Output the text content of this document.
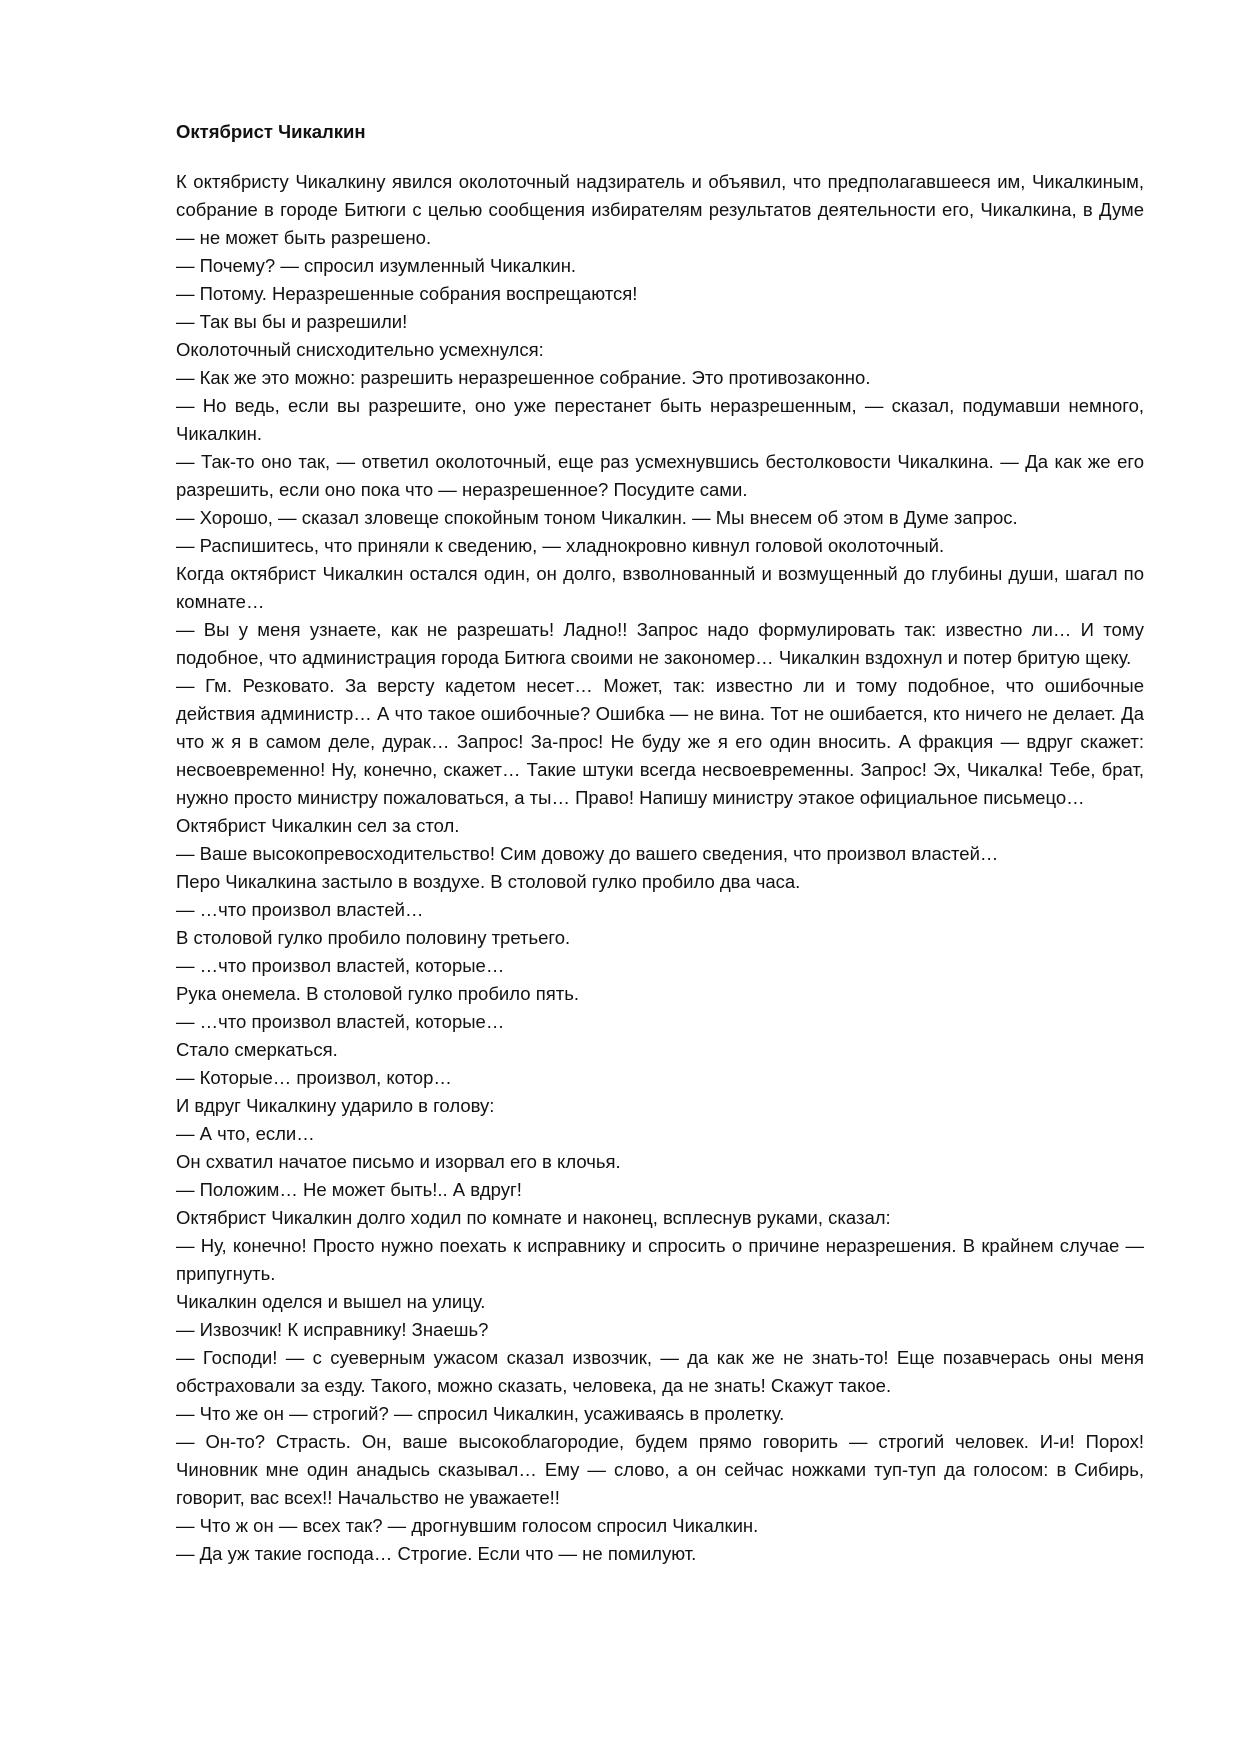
Октябрист Чикалкин

К октябристу Чикалкину явился околоточный надзиратель и объявил, что предполагавшееся им, Чикалкиным, собрание в городе Битюги с целью сообщения избирателям результатов деятельности его, Чикалкина, в Думе — не может быть разрешено.

— Почему? — спросил изумленный Чикалкин.

— Потому. Неразрешенные собрания воспрещаются!

— Так вы бы и разрешили!

Околоточный снисходительно усмехнулся:

— Как же это можно: разрешить неразрешенное собрание. Это противозаконно.

— Но ведь, если вы разрешите, оно уже перестанет быть неразрешенным, — сказал, подумавши немного, Чикалкин.

— Так-то оно так, — ответил околоточный, еще раз усмехнувшись бестолковости Чикалкина. — Да как же его разрешить, если оно пока что — неразрешенное? Посудите сами.

— Хорошо, — сказал зловеще спокойным тоном Чикалкин. — Мы внесем об этом в Думе запрос.

— Распишитесь, что приняли к сведению, — хладнокровно кивнул головой околоточный.

Когда октябрист Чикалкин остался один, он долго, взволнованный и возмущенный до глубины души, шагал по комнате…

— Вы у меня узнаете, как не разрешать! Ладно!! Запрос надо формулировать так: известно ли… И тому подобное, что администрация города Битюга своими не закономер… Чикалкин вздохнул и потер бритую щеку.

— Гм. Резковато. За версту кадетом несет… Может, так: известно ли и тому подобное, что ошибочные действия администр… А что такое ошибочные? Ошибка — не вина. Тот не ошибается, кто ничего не делает. Да что ж я в самом деле, дурак… Запрос! За-прос! Не буду же я его один вносить. А фракция — вдруг скажет: несвоевременно! Ну, конечно, скажет… Такие штуки всегда несвоевременны. Запрос! Эх, Чикалка! Тебе, брат, нужно просто министру пожаловаться, а ты… Право! Напишу министру этакое официальное письмецо…

Октябрист Чикалкин сел за стол.

— Ваше высокопревосходительство! Сим довожу до вашего сведения, что произвол властей…

Перо Чикалкина застыло в воздухе. В столовой гулко пробило два часа.

— …что произвол властей…

В столовой гулко пробило половину третьего.

— …что произвол властей, которые…

Рука онемела. В столовой гулко пробило пять.

— …что произвол властей, которые…

Стало смеркаться.

— Которые… произвол, котор…

И вдруг Чикалкину ударило в голову:

— А что, если…

Он схватил начатое письмо и изорвал его в клочья.

— Положим… Не может быть!.. А вдруг!

Октябрист Чикалкин долго ходил по комнате и наконец, всплеснув руками, сказал:

— Ну, конечно! Просто нужно поехать к исправнику и спросить о причине неразрешения. В крайнем случае — припугнуть.

Чикалкин оделся и вышел на улицу.

— Извозчик! К исправнику! Знаешь?

— Господи! — с суеверным ужасом сказал извозчик, — да как же не знать-то! Еще позавчерась оны меня обстраховали за езду. Такого, можно сказать, человека, да не знать! Скажут такое.

— Что же он — строгий? — спросил Чикалкин, усаживаясь в пролетку.

— Он-то? Страсть. Он, ваше высокоблагородие, будем прямо говорить — строгий человек. И-и! Порох! Чиновник мне один анадысь сказывал… Ему — слово, а он сейчас ножками туп-туп да голосом: в Сибирь, говорит, вас всех!! Начальство не уважаете!!

— Что ж он — всех так? — дрогнувшим голосом спросил Чикалкин.

— Да уж такие господа… Строгие. Если что — не помилуют.
